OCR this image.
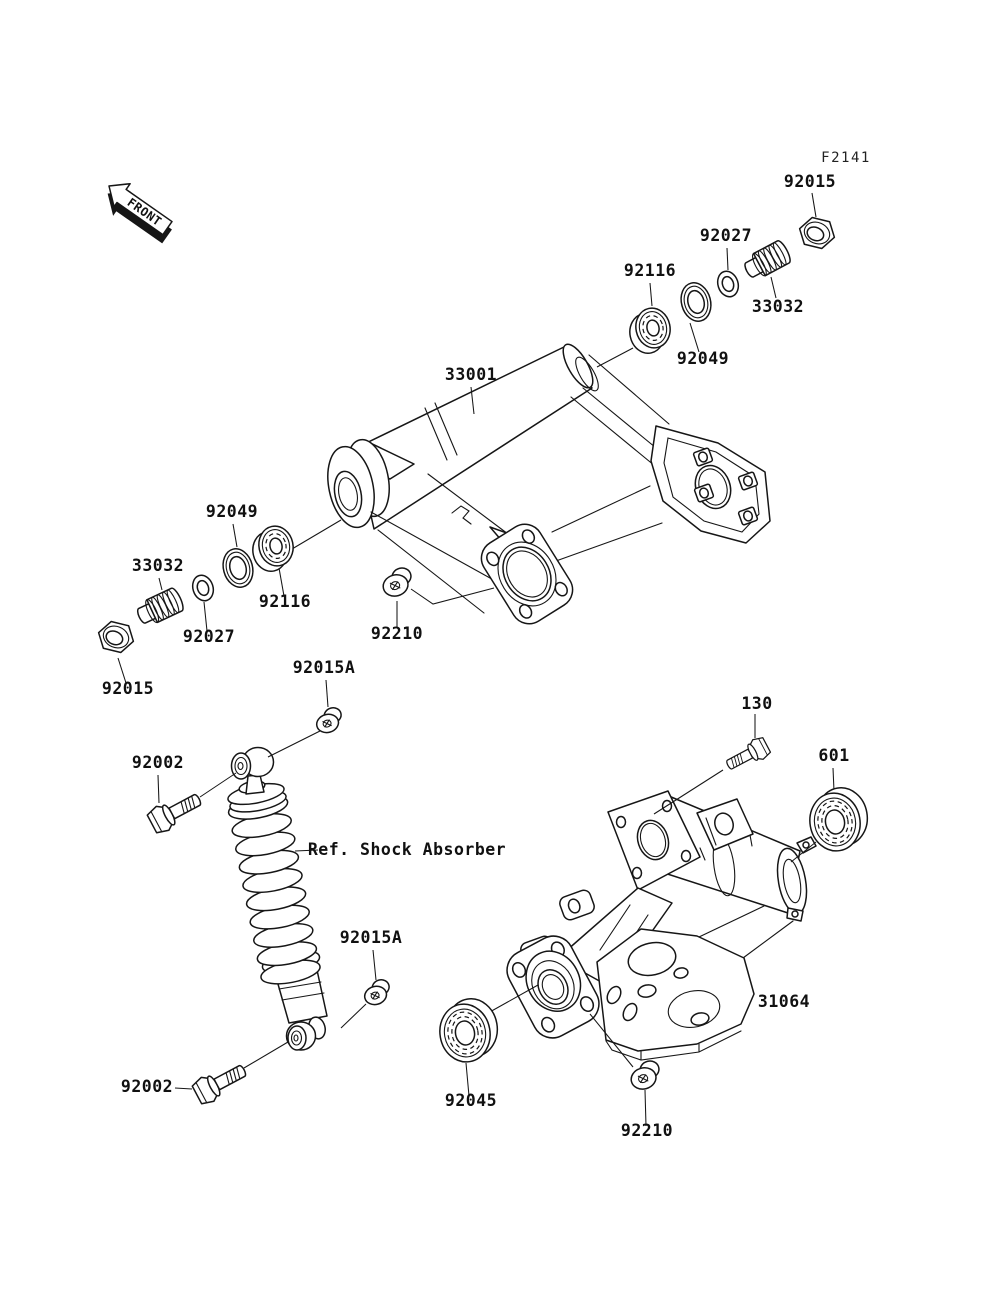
FRONT
F2141
92015
92027
92116
33032
92049
33001
92049
33032
92116
92027	92210
92015
92015A
130
601
92002
Ref. Shock Absorber
92015A
31064
92002
92045
92210
